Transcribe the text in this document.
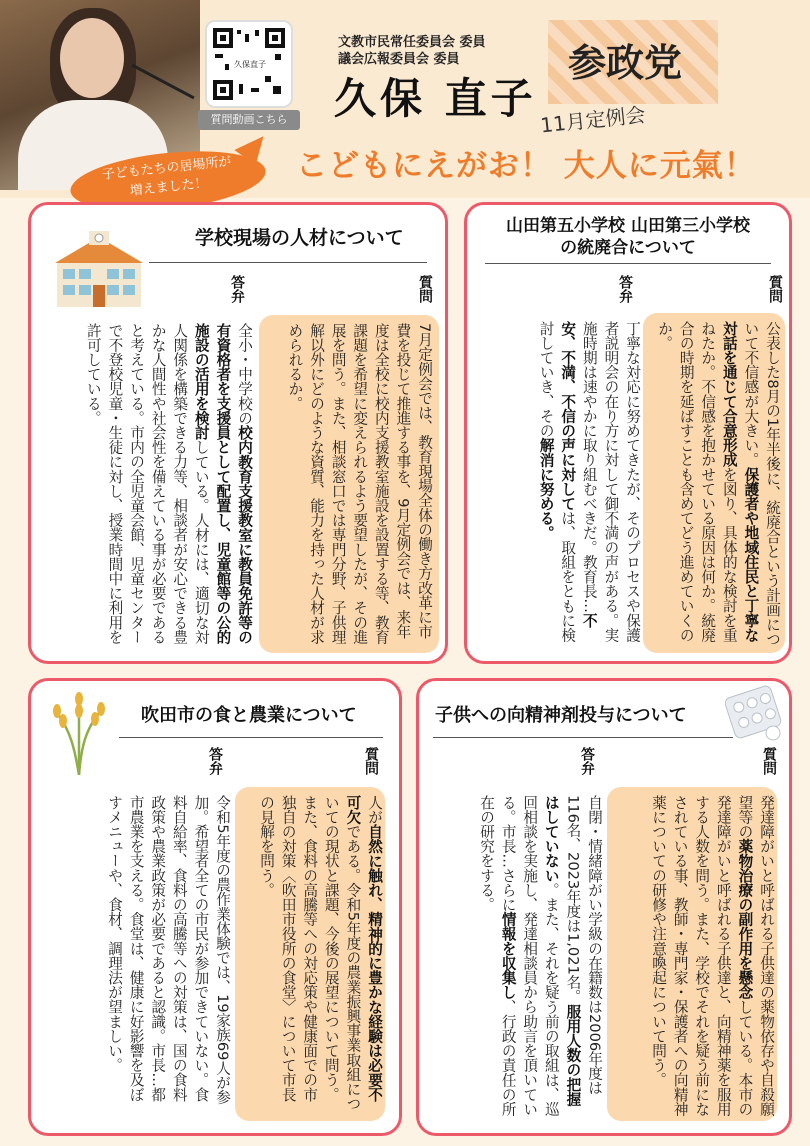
久保直子
質問動画こちら
文教市民常任委員会 委員
議会広報委員会 委員
久保 直子
参政党
11月定例会
こどもにえがお！ 大人に元氣！
子どもたちの居場所が
増えました！
学校現場の人材について
答弁	質問
7月定例会では、教育現場全体の働き方改革に市費を投じて推進する事を、9月定例会では、来年度は全校に校内支援教室施設を設置する等、教育課題を希望に変えられるよう要望したが、その進展を問う。また、相談窓口では専門分野、子供理解以外にどのような資質、能力を持った人材が求められるか。
全小・中学校の校内教育支援教室に教員免許等の有資格者を支援員として配置し、児童館等の公的施設の活用を検討している。人材には、適切な対人関係を構築できる力等、相談者が安心できる豊かな人間性や社会性を備えている事が必要であると考えている。市内の全児童会館、児童センターで不登校児童・生徒に対し、授業時間中に利用を許可している。
山田第五小学校 山田第三小学校
の統廃合について
答弁	質問
公表した8月の1年半後に、統廃合という計画について不信感が大きい。保護者や地域住民と丁寧な対話を通じて合意形成を図り、具体的な検討を重ねたか。不信感を抱かせている原因は何か。統廃合の時期を延ばすことも含めてどう進めていくのか。
丁寧な対応に努めてきたが、そのプロセスや保護者説明会の在り方に対して御不満の声がある。実施時期は速やかに取り組むべきだ。教育長…不安、不満、不信の声に対しては、取組をともに検討していき、その解消に努める。
吹田市の食と農業について
答弁	質問
人が自然に触れ、精神的に豊かな経験は必要不可欠である。令和5年度の農業振興事業取組についての現状と課題、今後の展望について問う。また、食料の高騰等への対応策や健康面での市独自の対策〈吹田市役所の食堂〉について市長の見解を問う。
令和5年度の農作業体験では、19家族69人が参加。希望者全ての市民が参加できていない。食料自給率、食料の高騰等への対策は、国の食料政策や農業政策が必要であると認識。市長…都市農業を支える。食堂は、健康に好影響を及ぼすメニューや、食材、調理法が望ましい。
子供への向精神剤投与について
答弁	質問
発達障がいと呼ばれる子供達の薬物依存や自殺願望等の薬物治療の副作用を懸念している。本市の発達障がいと呼ばれる子供達と、向精神薬を服用する人数を問う。また、学校でそれを疑う前になされている事、教師・専門家・保護者への向精神薬についての研修や注意喚起について問う。
自閉・情緒障がい学級の在籍数は2006年度は116名、2023年度は1,021名。服用人数の把握はしていない。また、それを疑う前の取組は、巡回相談を実施し、発達相談員から助言を頂いている。市長…さらに情報を収集し、行政の責任の所在の研究をする。
